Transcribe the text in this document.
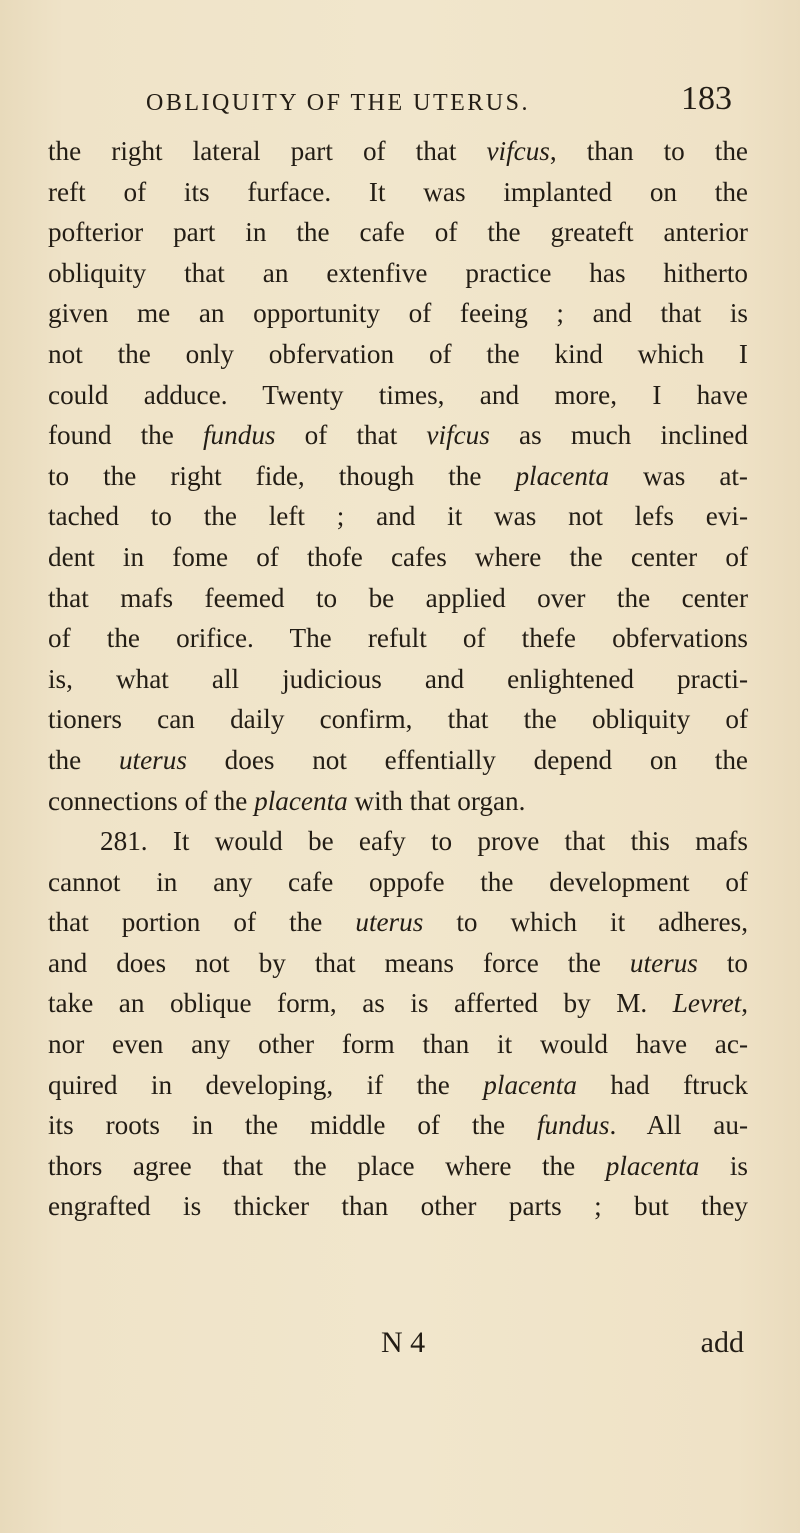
OBLIQUITY OF THE UTERUS.	183
the right lateral part of that vifcus, than to the
reft of its furface. It was implanted on the
pofterior part in the cafe of the greateft anterior
obliquity that an extenfive practice has hitherto
given me an opportunity of feeing ; and that is
not the only obfervation of the kind which I
could adduce. Twenty times, and more, I have
found the fundus of that vifcus as much inclined
to the right fide, though the placenta was at-
tached to the left ; and it was not lefs evi-
dent in fome of thofe cafes where the center of
that mafs feemed to be applied over the center
of the orifice. The refult of thefe obfervations
is, what all judicious and enlightened practi-
tioners can daily confirm, that the obliquity of
the uterus does not effentially depend on the
connections of the placenta with that organ.
281. It would be eafy to prove that this mafs
cannot in any cafe oppofe the development of
that portion of the uterus to which it adheres,
and does not by that means force the uterus to
take an oblique form, as is afferted by M. Levret,
nor even any other form than it would have ac-
quired in developing, if the placenta had ftruck
its roots in the middle of the fundus. All au-
thors agree that the place where the placenta is
engrafted is thicker than other parts ; but they
N 4	add
